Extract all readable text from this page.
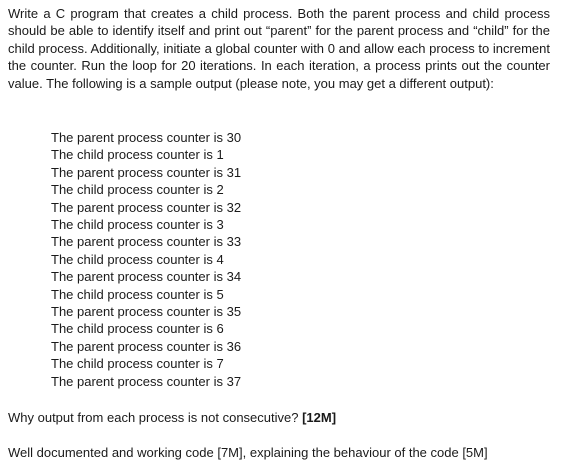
Write a C program that creates a child process. Both the parent process and child process should be able to identify itself and print out “parent” for the parent process and “child” for the child process. Additionally, initiate a global counter with 0 and allow each process to increment the counter. Run the loop for 20 iterations. In each iteration, a process prints out the counter value. The following is a sample output (please note, you may get a different output):

The parent process counter is 30
The child process counter is 1
The parent process counter is 31
The child process counter is 2
The parent process counter is 32
The child process counter is 3
The parent process counter is 33
The child process counter is 4
The parent process counter is 34
The child process counter is 5
The parent process counter is 35
The child process counter is 6
The parent process counter is 36
The child process counter is 7
The parent process counter is 37

Why output from each process is not consecutive? [12M]

Well documented and working code [7M], explaining the behaviour of the code [5M]
